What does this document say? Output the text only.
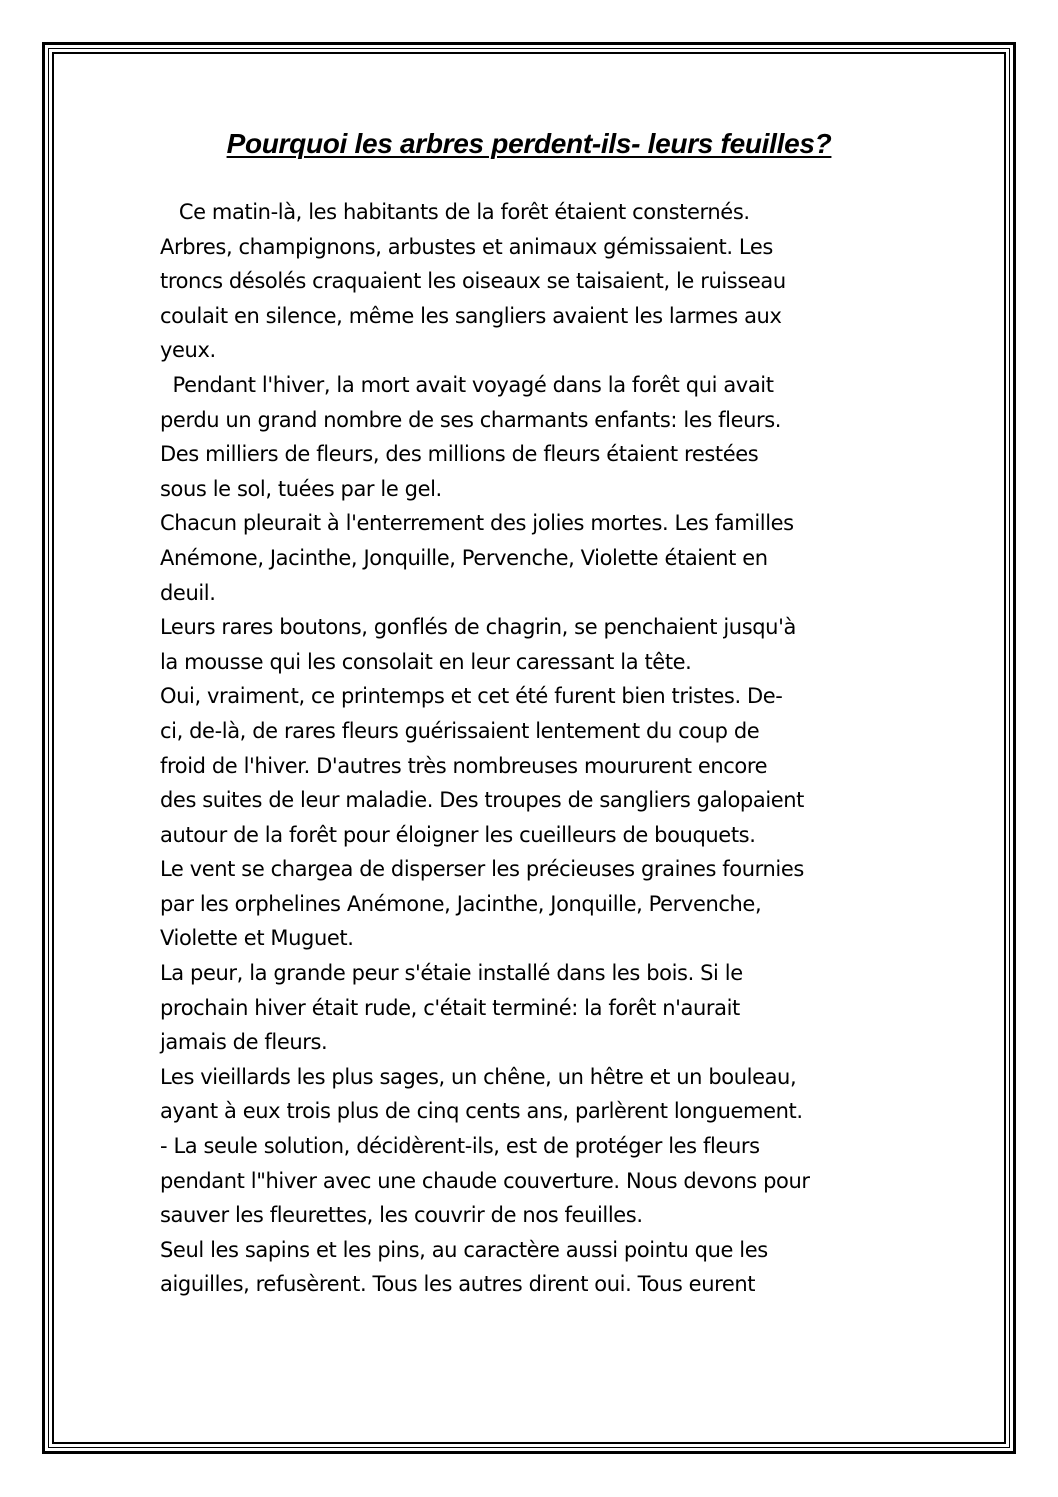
Pourquoi les arbres perdent-ils- leurs feuilles?
Ce matin-là, les habitants de la forêt étaient consternés.
Arbres, champignons, arbustes et animaux gémissaient. Les
troncs désolés craquaient les oiseaux se taisaient, le ruisseau
coulait en silence, même les sangliers avaient les larmes aux
yeux.
Pendant l'hiver, la mort avait voyagé dans la forêt qui avait
perdu un grand nombre de ses charmants enfants: les fleurs.
Des milliers de fleurs, des millions de fleurs étaient restées
sous le sol, tuées par le gel.
Chacun pleurait à l'enterrement des jolies mortes. Les familles
Anémone, Jacinthe, Jonquille, Pervenche, Violette étaient en
deuil.
Leurs rares boutons, gonflés de chagrin, se penchaient jusqu'à
la mousse qui les consolait en leur caressant la tête.
Oui, vraiment, ce printemps et cet été furent bien tristes. De-
ci, de-là, de rares fleurs guérissaient lentement du coup de
froid de l'hiver. D'autres très nombreuses moururent encore
des suites de leur maladie. Des troupes de sangliers galopaient
autour de la forêt pour éloigner les cueilleurs de bouquets.
Le vent se chargea de disperser les précieuses graines fournies
par les orphelines Anémone, Jacinthe, Jonquille, Pervenche,
Violette et Muguet.
La peur, la grande peur s'étaie installé dans les bois. Si le
prochain hiver était rude, c'était terminé: la forêt n'aurait
jamais de fleurs.
Les vieillards les plus sages, un chêne, un hêtre et un bouleau,
ayant à eux trois plus de cinq cents ans, parlèrent longuement.
- La seule solution, décidèrent-ils, est de protéger les fleurs
pendant l"hiver avec une chaude couverture. Nous devons pour
sauver les fleurettes, les couvrir de nos feuilles.
Seul les sapins et les pins, au caractère aussi pointu que les
aiguilles, refusèrent. Tous les autres dirent oui. Tous eurent
